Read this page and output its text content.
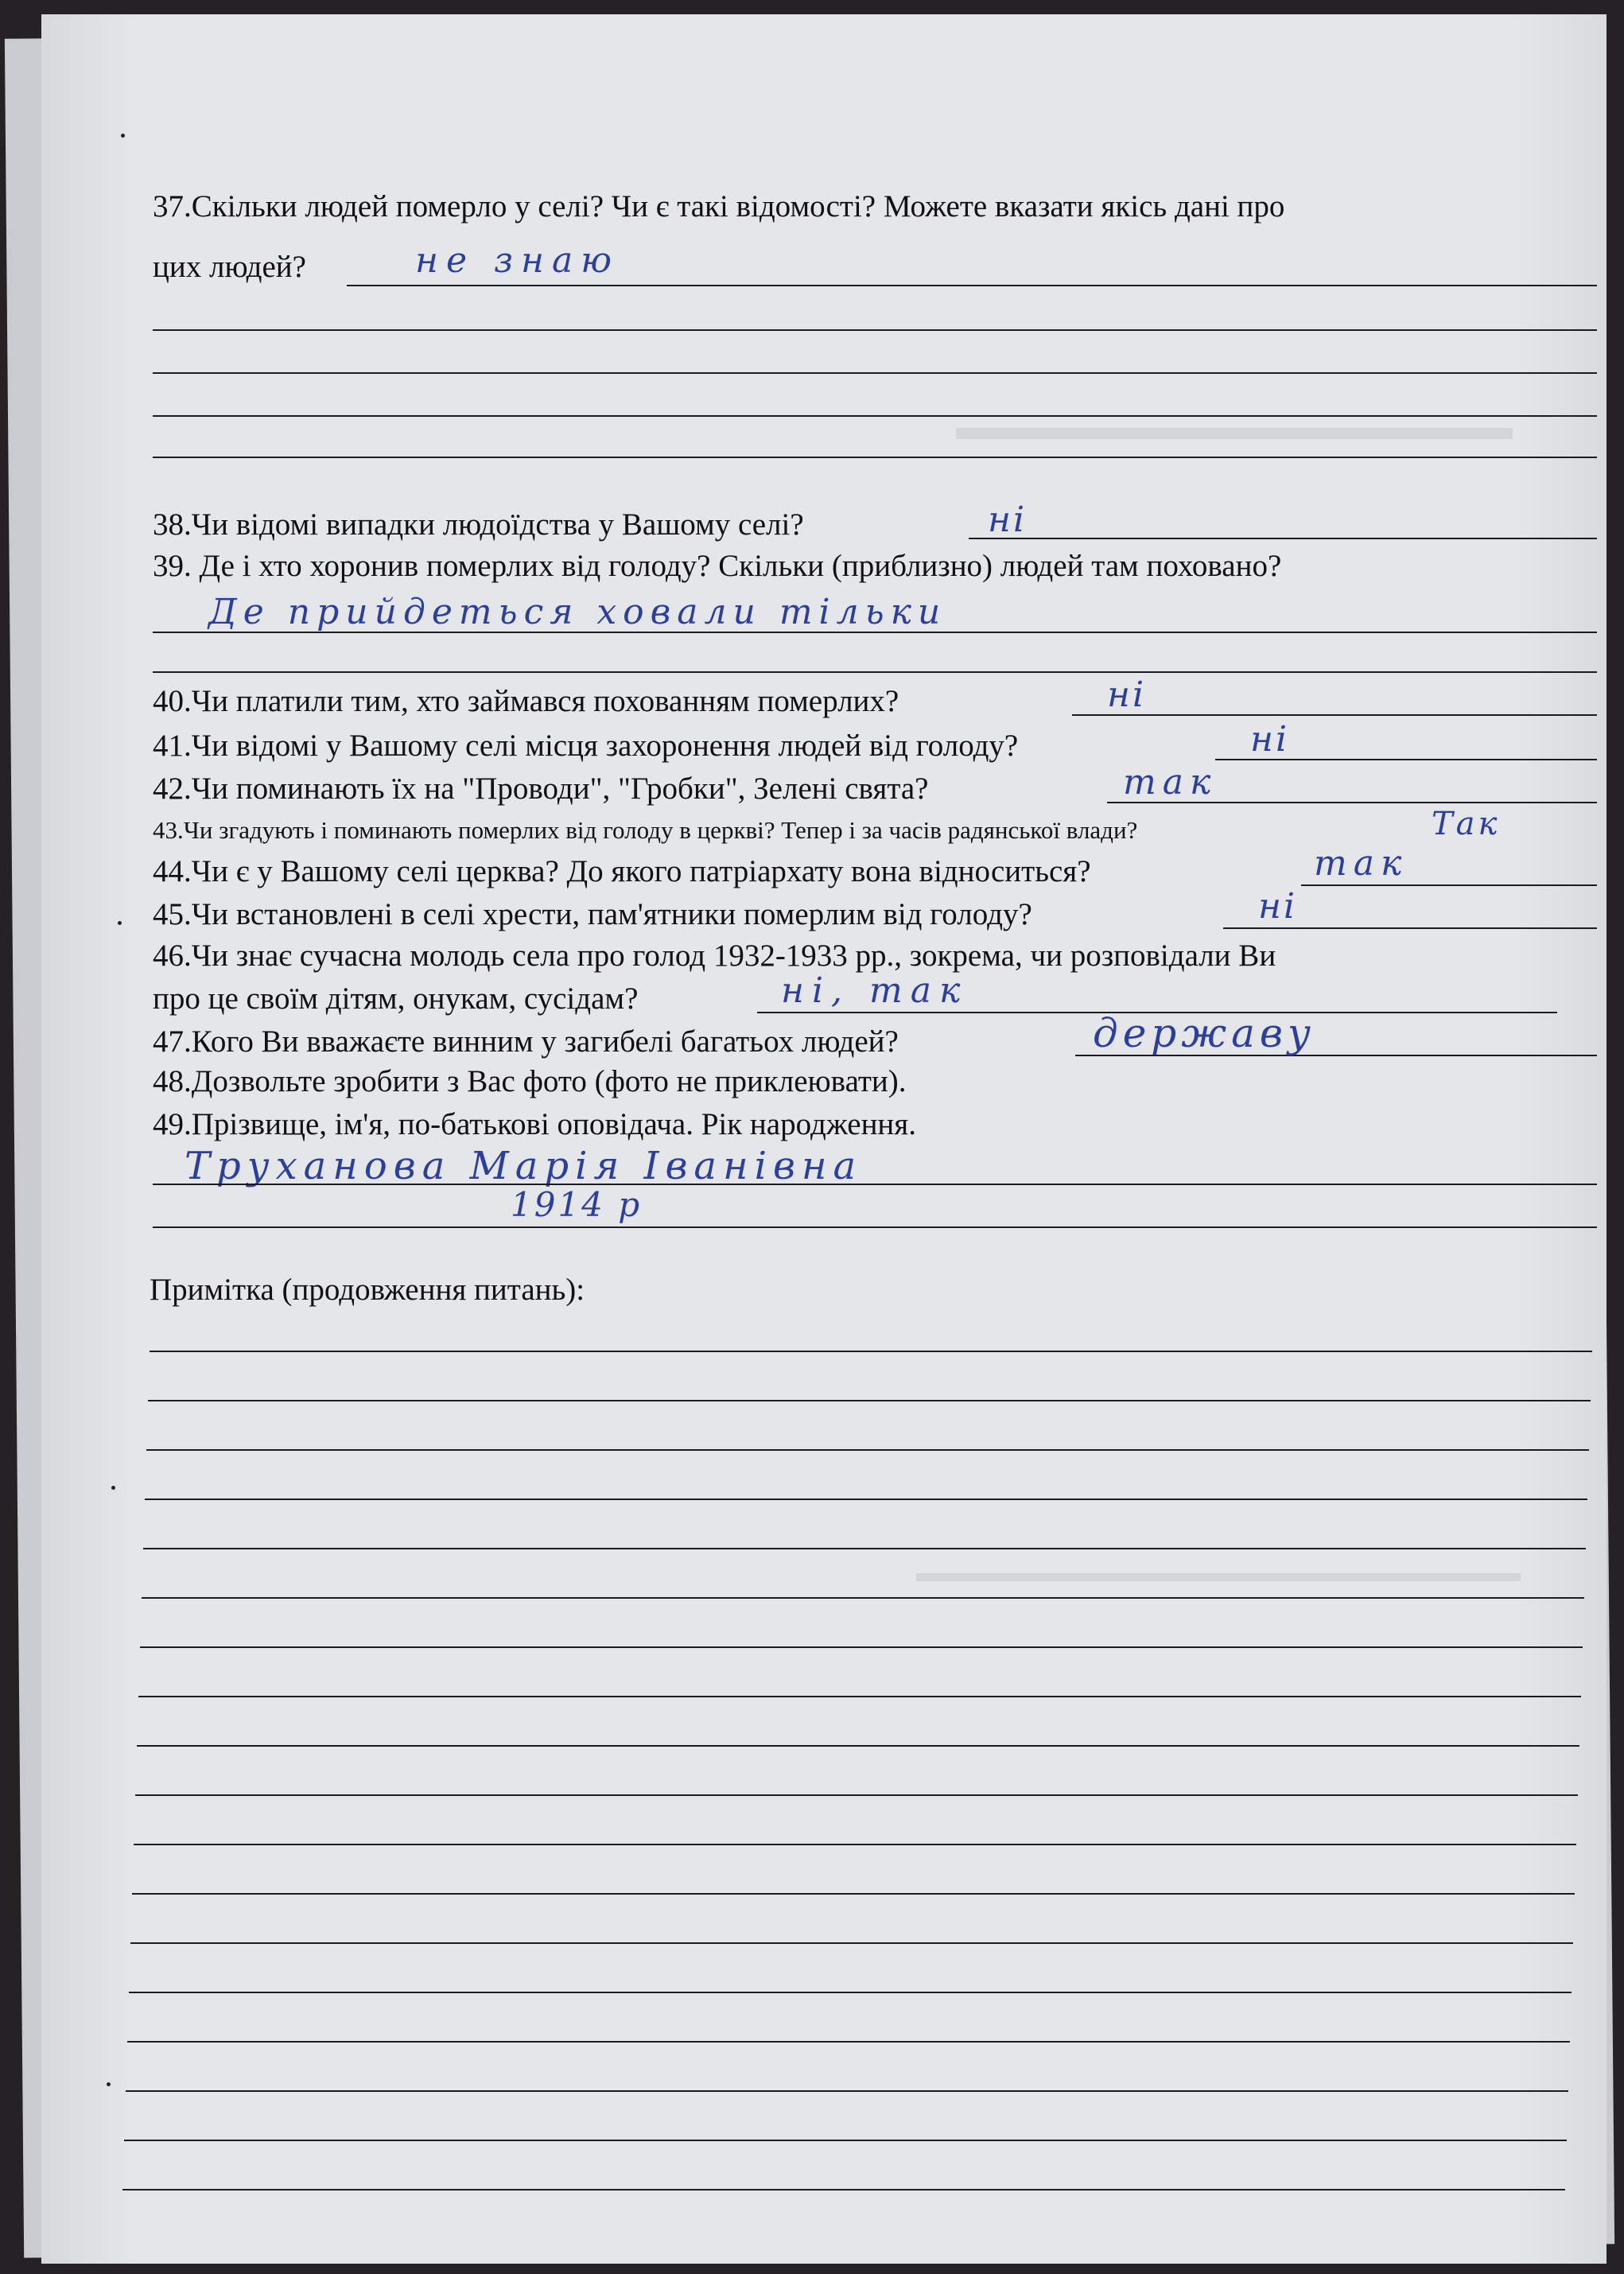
37.Скільки людей померло у селі? Чи є такі відомості? Можете вказати якісь дані про
цих людей?	не знаю
38.Чи відомі випадки людоїдства у Вашому селі?	ні
39. Де і хто хоронив померлих від голоду? Скільки (приблизно) людей там поховано?
Де прийдеться ховали тільки
40.Чи платили тим, хто займався похованням померлих?	ні
41.Чи відомі у Вашому селі місця захоронення людей від голоду?	ні
42.Чи поминають їх на "Проводи", "Гробки", Зелені свята?	так
43.Чи згадують і поминають померлих від голоду в церкві? Тепер і за часів радянської влади?	Так
44.Чи є у Вашому селі церква? До якого патріархату вона відноситься?	так
45.Чи встановлені в селі хрести, пам'ятники померлим від голоду?	ні
46.Чи знає сучасна молодь села про голод 1932-1933 рр., зокрема, чи розповідали Ви
про це своїм дітям, онукам, сусідам?	ні, так
47.Кого Ви вважаєте винним у загибелі багатьох людей?	державу
48.Дозвольте зробити з Вас фото (фото не приклеювати).
49.Прізвище, ім'я, по-батькові оповідача. Рік народження.
Труханова Марія Іванівна
1914 р
Примітка (продовження питань):
